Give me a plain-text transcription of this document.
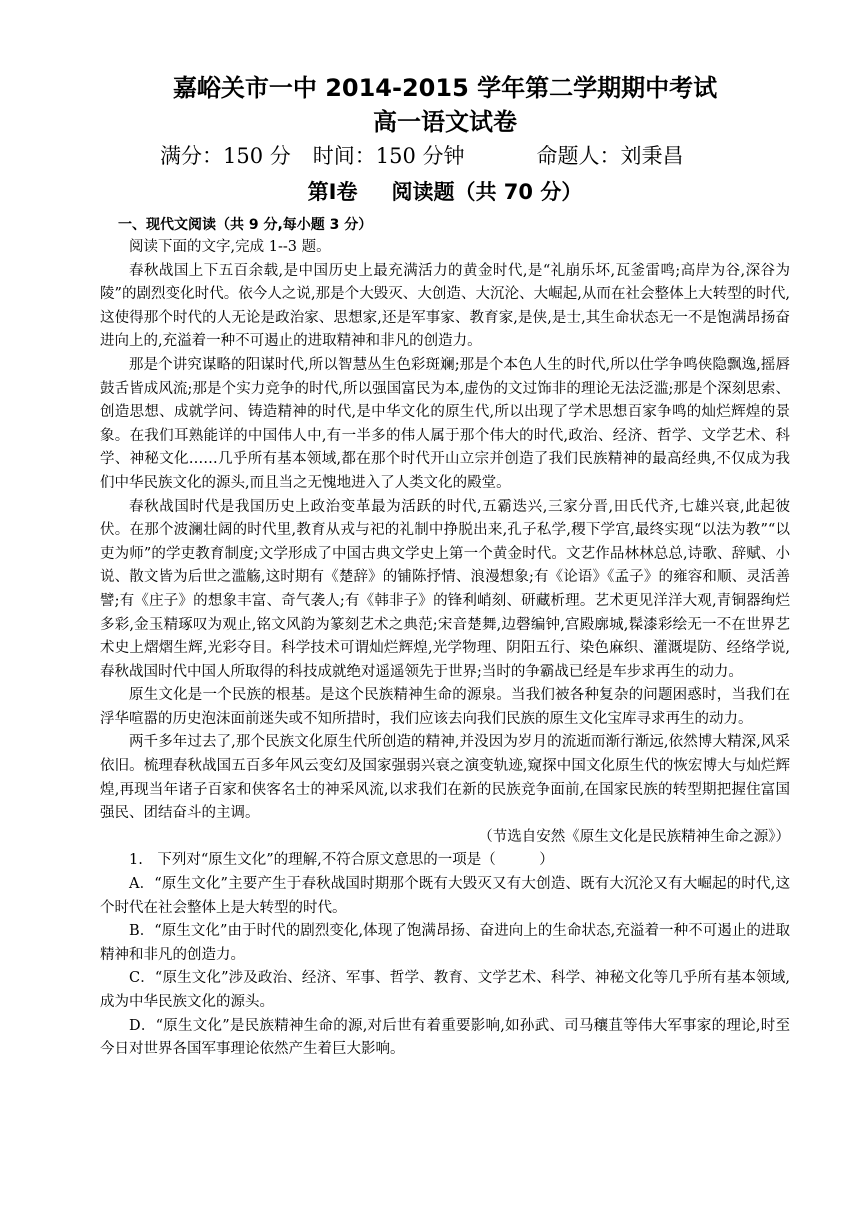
嘉峪关市一中 2014-2015 学年第二学期期中考试
高一语文试卷
满分：150 分 时间：150 分钟	命题人：刘秉昌
第Ⅰ卷 阅读题（共 70 分）
一、现代文阅读（共 9 分,每小题 3 分）

阅读下面的文字,完成 1--3 题。

春秋战国上下五百余载,是中国历史上最充满活力的黄金时代,是“礼崩乐坏,瓦釜雷鸣;高岸为谷,深谷为陵”的剧烈变化时代。依今人之说,那是个大毁灭、大创造、大沉沦、大崛起,从而在社会整体上大转型的时代,这使得那个时代的人无论是政治家、思想家,还是军事家、教育家,是侠,是士,其生命状态无一不是饱满昂扬奋进向上的,充溢着一种不可遏止的进取精神和非凡的创造力。

那是个讲究谋略的阳谋时代,所以智慧丛生色彩斑斓;那是个本色人生的时代,所以仕学争鸣侠隐飘逸,摇唇鼓舌皆成风流;那是个实力竞争的时代,所以强国富民为本,虚伪的文过饰非的理论无法泛滥;那是个深刻思索、创造思想、成就学问、铸造精神的时代,是中华文化的原生代,所以出现了学术思想百家争鸣的灿烂辉煌的景象。在我们耳熟能详的中国伟人中,有一半多的伟人属于那个伟大的时代,政治、经济、哲学、文学艺术、科学、神秘文化……几乎所有基本领域,都在那个时代开山立宗并创造了我们民族精神的最高经典,不仅成为我们中华民族文化的源头,而且当之无愧地进入了人类文化的殿堂。

春秋战国时代是我国历史上政治变革最为活跃的时代,五霸迭兴,三家分晋,田氏代齐,七雄兴衰,此起彼伏。在那个波澜壮阔的时代里,教育从戎与祀的礼制中挣脱出来,孔子私学,稷下学宫,最终实现“以法为教”“以吏为师”的学吏教育制度;文学形成了中国古典文学史上第一个黄金时代。文艺作品林林总总,诗歌、辞赋、小说、散文皆为后世之滥觞,这时期有《楚辞》的铺陈抒情、浪漫想象;有《论语》《孟子》的雍容和顺、灵活善譬;有《庄子》的想象丰富、奇气袭人;有《韩非子》的锋利峭刻、研藏析理。艺术更见洋洋大观,青铜器绚烂多彩,金玉精琢叹为观止,铭文风韵为篆刻艺术之典范;宋音楚舞,边磬编钟,宫殿廓城,髹漆彩绘无一不在世界艺术史上熠熠生辉,光彩夺目。科学技术可谓灿烂辉煌,光学物理、阴阳五行、染色麻织、灌溉堤防、经络学说,春秋战国时代中国人所取得的科技成就绝对遥遥领先于世界;当时的争霸战已经是车步求再生的动力。

原生文化是一个民族的根基。是这个民族精神生命的源泉。当我们被各种复杂的问题困惑时，当我们在浮华喧嚣的历史泡沫面前迷失或不知所措时，我们应该去向我们民族的原生文化宝库寻求再生的动力。

两千多年过去了,那个民族文化原生代所创造的精神,并没因为岁月的流逝而渐行渐远,依然博大精深,风采依旧。梳理春秋战国五百多年风云变幻及国家强弱兴衰之演变轨迹,窥探中国文化原生代的恢宏博大与灿烂辉煌,再现当年诸子百家和侠客名士的神采风流,以求我们在新的民族竞争面前,在国家民族的转型期把握住富国强民、团结奋斗的主调。

（节选自安然《原生文化是民族精神生命之源》）

1.　下列对“原生文化”的理解,不符合原文意思的一项是（　　　）

A．“原生文化”主要产生于春秋战国时期那个既有大毁灭又有大创造、既有大沉沦又有大崛起的时代,这个时代在社会整体上是大转型的时代。

B．“原生文化”由于时代的剧烈变化,体现了饱满昂扬、奋进向上的生命状态,充溢着一种不可遏止的进取精神和非凡的创造力。

C．“原生文化”涉及政治、经济、军事、哲学、教育、文学艺术、科学、神秘文化等几乎所有基本领域,成为中华民族文化的源头。

D．“原生文化”是民族精神生命的源,对后世有着重要影响,如孙武、司马穰苴等伟大军事家的理论,时至今日对世界各国军事理论依然产生着巨大影响。
